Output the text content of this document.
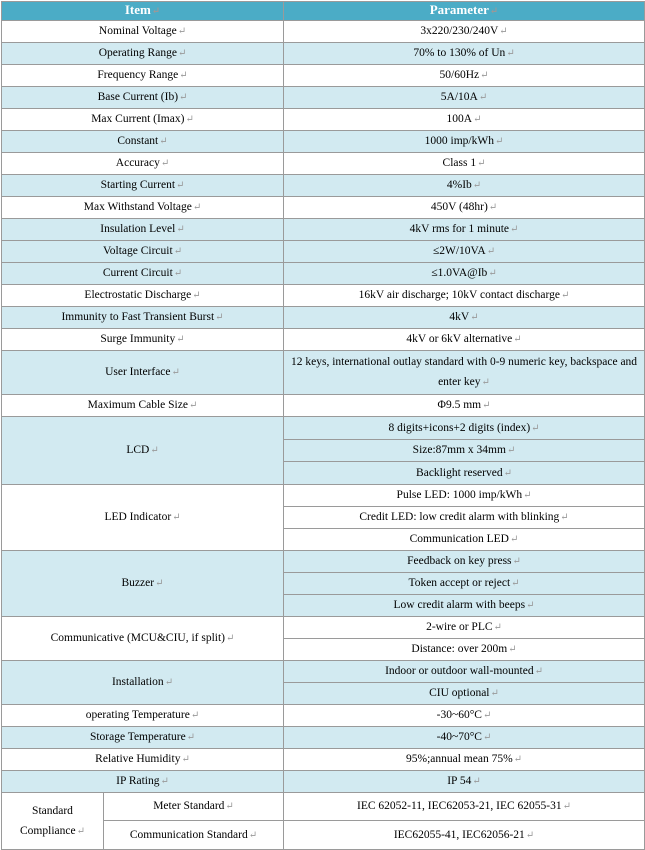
Item↵		Parameter↵
Nominal Voltage↵		3x220/230/240V↵
Operating Range↵		70% to 130% of Un↵
Frequency Range↵		50/60Hz↵
Base Current (Ib)↵		5A/10A↵
Max Current (Imax)↵		100A↵
Constant↵		1000 imp/kWh↵
Accuracy↵		Class 1↵
Starting Current↵		4%Ib↵
Max Withstand Voltage↵		450V (48hr)↵
Insulation Level↵		4kV rms for 1 minute↵
Voltage Circuit↵		≤2W/10VA↵
Current Circuit↵		≤1.0VA@Ib↵
Electrostatic Discharge↵		16kV air discharge; 10kV contact discharge↵
Immunity to Fast Transient Burst↵		4kV↵
Surge Immunity↵		4kV or 6kV alternative↵
User Interface↵		12 keys, international outlay standard with 0-9 numeric key, backspace and enter key↵
Maximum Cable Size↵		Φ9.5 mm↵
LCD↵		8 digits+icons+2 digits (index)↵
		Size:87mm x 34mm↵
		Backlight reserved↵
LED Indicator↵		Pulse LED: 1000 imp/kWh↵
		Credit LED: low credit alarm with blinking↵
		Communication LED↵
Buzzer↵		Feedback on key press↵
		Token accept or reject↵
		Low credit alarm with beeps↵
Communicative (MCU&CIU, if split)↵		2-wire or PLC↵
		Distance: over 200m↵
Installation↵		Indoor or outdoor wall-mounted↵
		CIU optional↵
operating Temperature↵		-30~60°C↵
Storage Temperature↵		-40~70°C↵
Relative Humidity↵		95%;annual mean 75%↵
IP Rating↵		IP 54↵
Standard Compliance↵	Meter Standard↵	IEC 62052-11, IEC62053-21, IEC 62055-31↵
	Communication Standard↵	IEC62055-41, IEC62056-21↵
